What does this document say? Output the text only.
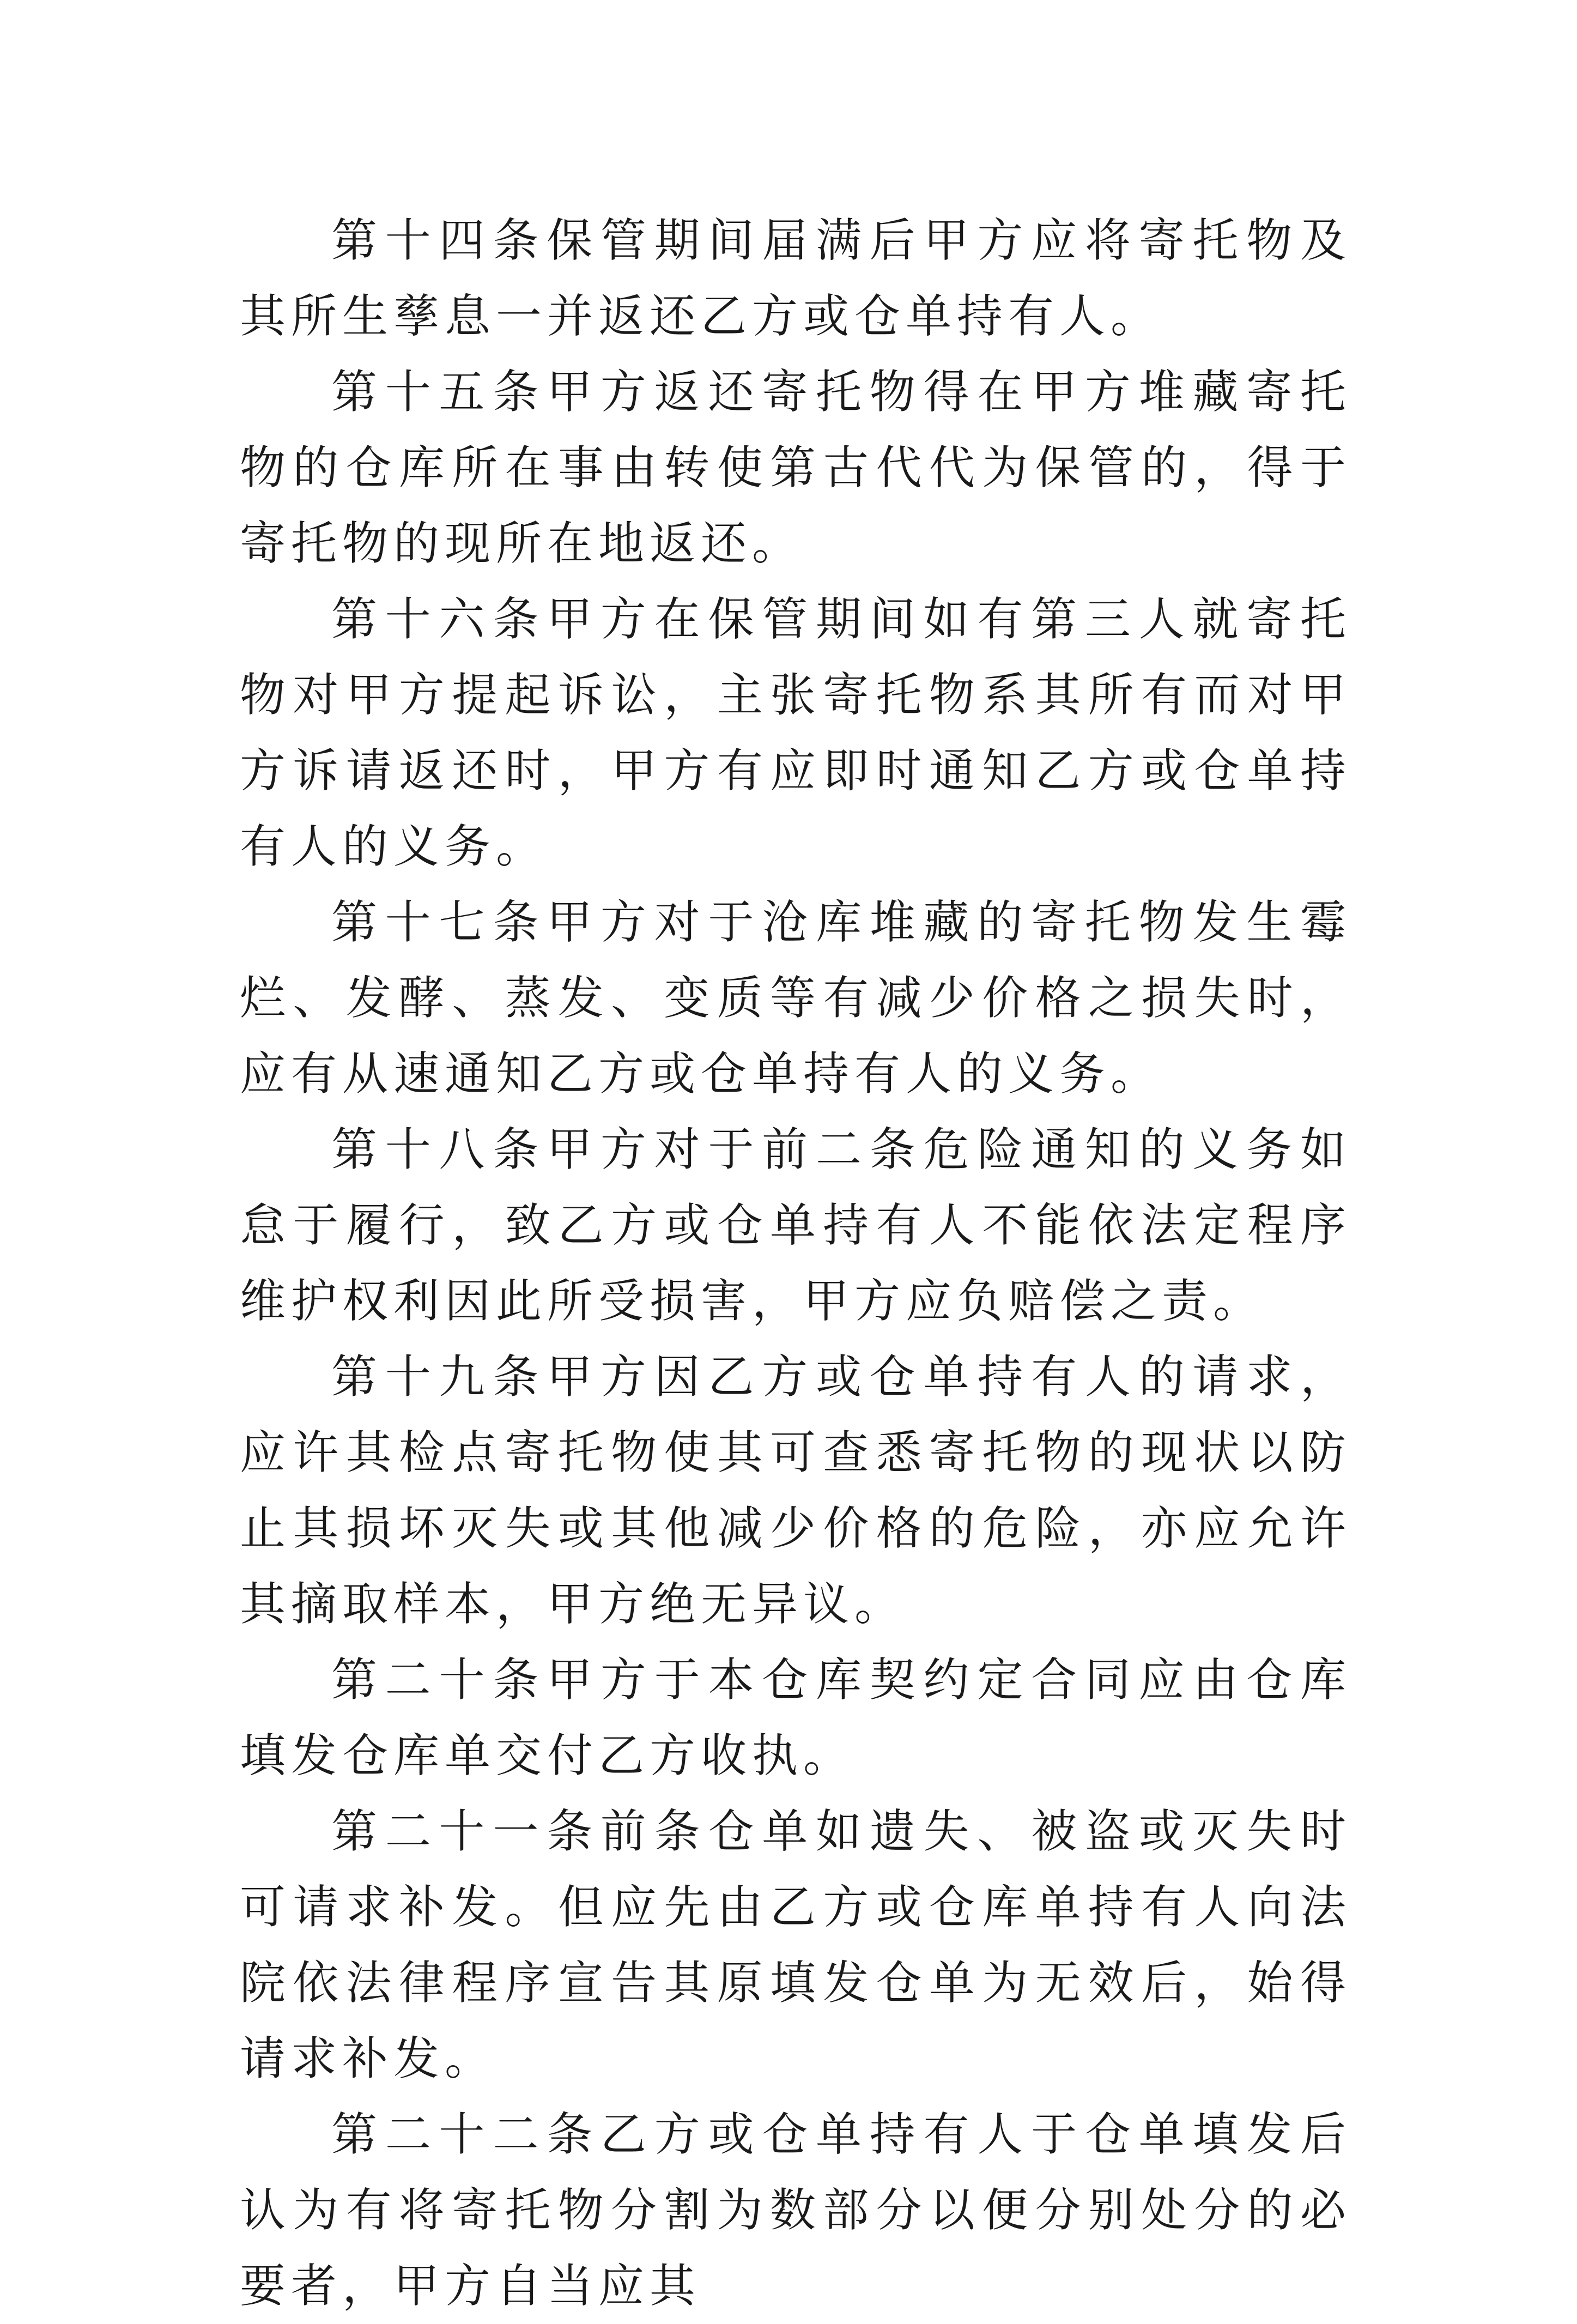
第十四条保管期间届满后甲方应将寄托物及其所生孳息一并返还乙方或仓单持有人。

第十五条甲方返还寄托物得在甲方堆藏寄托物的仓库所在事由转使第古代代为保管的，得于寄托物的现所在地返还。

第十六条甲方在保管期间如有第三人就寄托物对甲方提起诉讼，主张寄托物系其所有而对甲方诉请返还时，甲方有应即时通知乙方或仓单持有人的义务。

第十七条甲方对于沧库堆藏的寄托物发生霉烂、发酵、蒸发、变质等有减少价格之损失时，应有从速通知乙方或仓单持有人的义务。

第十八条甲方对于前二条危险通知的义务如怠于履行，致乙方或仓单持有人不能依法定程序维护权利因此所受损害，甲方应负赔偿之责。

第十九条甲方因乙方或仓单持有人的请求，应许其检点寄托物使其可查悉寄托物的现状以防止其损坏灭失或其他减少价格的危险，亦应允许其摘取样本，甲方绝无异议。

第二十条甲方于本仓库契约定合同应由仓库填发仓库单交付乙方收执。

第二十一条前条仓单如遗失、被盗或灭失时可请求补发。但应先由乙方或仓库单持有人向法院依法律程序宣告其原填发仓单为无效后，始得请求补发。

第二十二条乙方或仓单持有人于仓单填发后认为有将寄托物分割为数部分以便分别处分的必要者，甲方自当应其
